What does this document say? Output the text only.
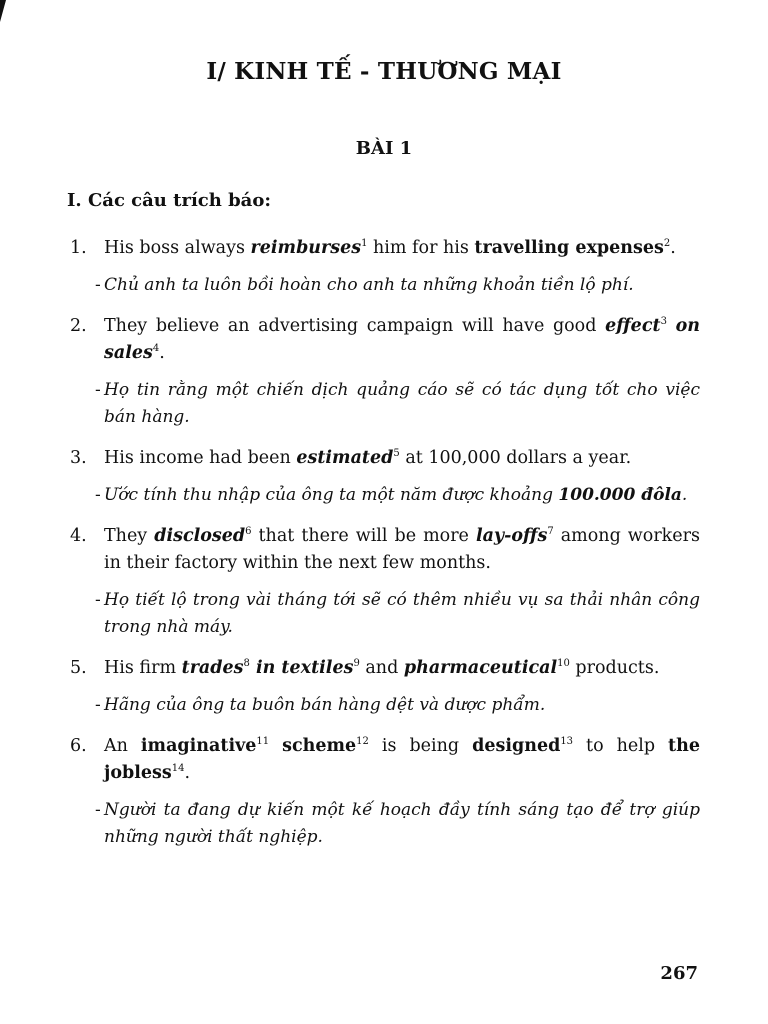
I/ KINH TẾ - THƯƠNG MẠI
BÀI 1
I. Các câu trích báo:
1. His boss always reimburses$^1$ him for his travelling expenses$^2$.
- Chủ anh ta luôn bồi hoàn cho anh ta những khoản tiền lộ phí.
2. They believe an advertising campaign will have good effect$^3$ on sales$^4$.
- Họ tin rằng một chiến dịch quảng cáo sẽ có tác dụng tốt cho việc bán hàng.
3. His income had been estimated$^5$ at 100,000 dollars a year.
- Ước tính thu nhập của ông ta một năm được khoảng 100.000 đôla.
4. They disclosed$^6$ that there will be more lay-offs$^7$ among workers in their factory within the next few months.
- Họ tiết lộ trong vài tháng tới sẽ có thêm nhiều vụ sa thải nhân công trong nhà máy.
5. His firm trades$^8$ in textiles$^9$ and pharmaceutical$^{10}$ products.
- Hãng của ông ta buôn bán hàng dệt và dược phẩm.
6. An imaginative$^{11}$ scheme$^{12}$ is being designed$^{13}$ to help the jobless$^{14}$.
- Người ta đang dự kiến một kế hoạch đầy tính sáng tạo để trợ giúp những người thất nghiệp.
267
